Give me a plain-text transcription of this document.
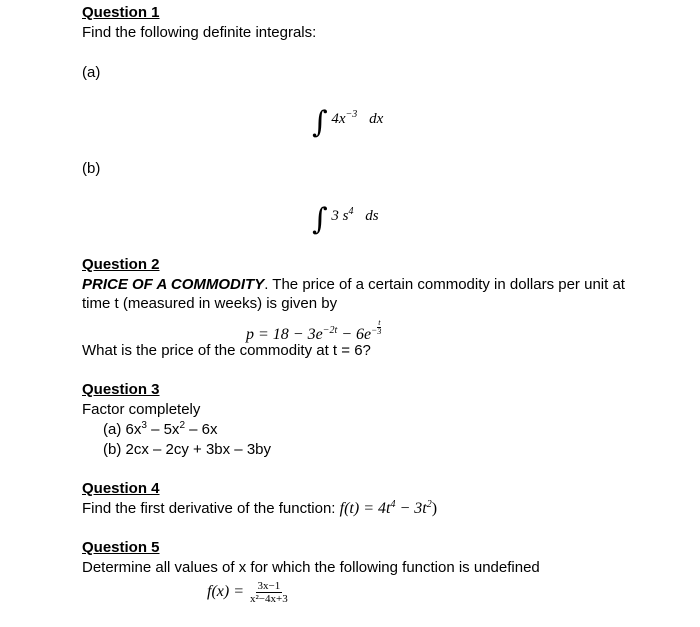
Question 1
Find the following definite integrals:
(a)
∫ $4x^{-3}$ dx
(b)
∫ 3 $s^4$ ds
Question 2
PRICE OF A COMMODITY. The price of a certain commodity in dollars per unit at
time t (measured in weeks) is given by
$p = 18 - 3e^{-2t} - 6e^{- \frac{t}{3}}$
What is the price of the commodity at t = 6?
Question 3
Factor completely
(a) $6x^3 - 5x^2 - 6x$
(b) 2cx – 2cy + 3bx – 3by
Question 4
Find the first derivative of the function: $f(t) = 4t^4 - 3t^2$)
Question 5
Determine all values of x for which the following function is undefined
$f(x) = \frac{3x-1}{\text{x²−4x+3}}$
